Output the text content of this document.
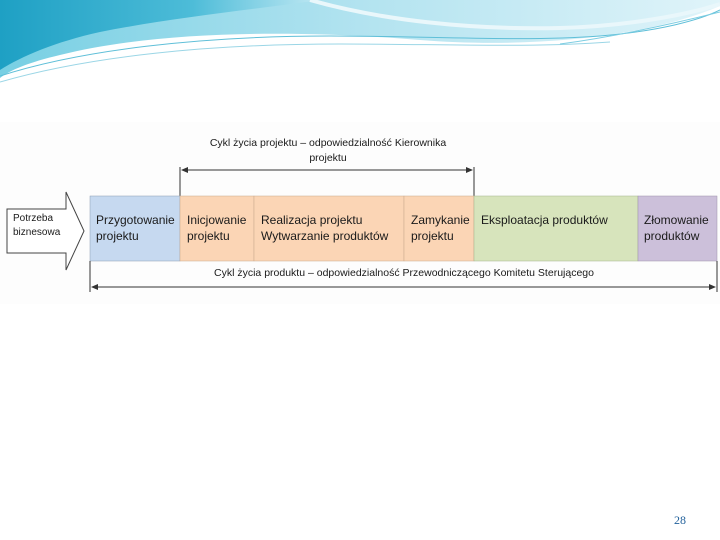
Cykl życia projektu – odpowiedzialność Kierownika
projektu
Potrzeba
biznesowa
Przygotowanie
projektu
Inicjowanie
projektu
Realizacja projektu
Wytwarzanie produktów
Zamykanie
projektu
Eksploatacja produktów	Złomowanie
produktów
Cykl życia produktu – odpowiedzialność Przewodniczącego Komitetu Sterującego
28
